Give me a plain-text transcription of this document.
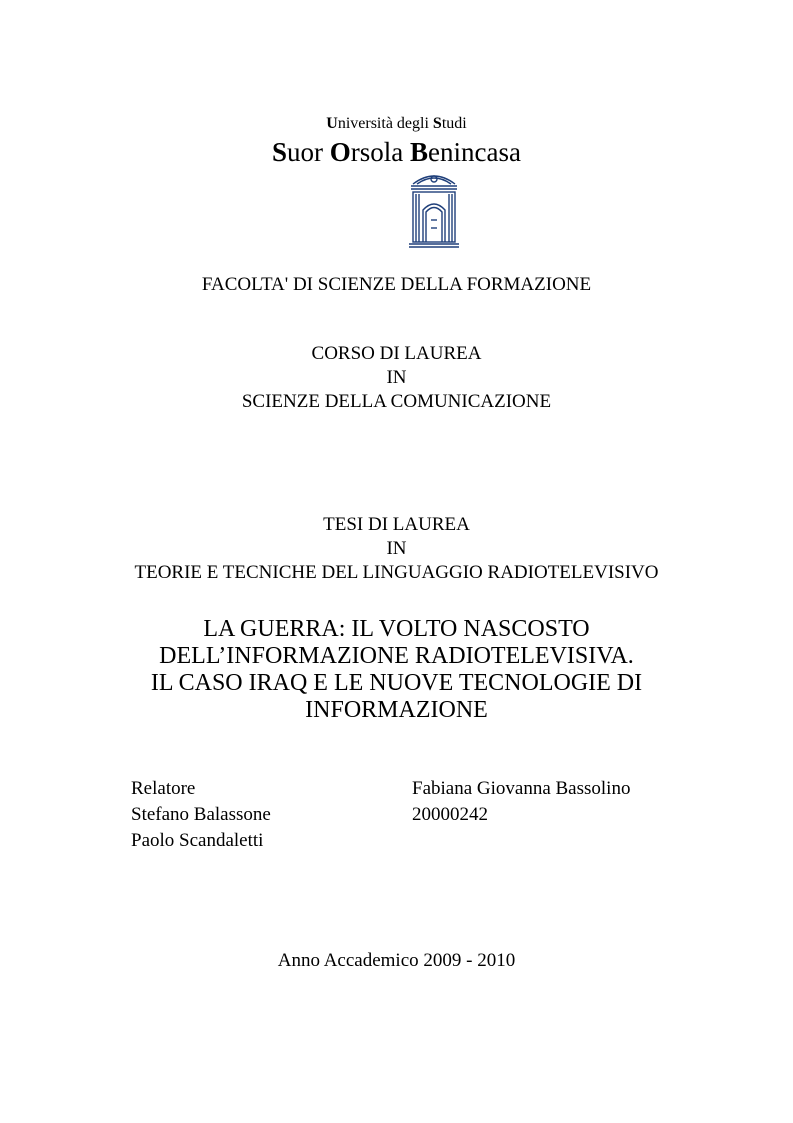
Università degli Studi
Suor Orsola Benincasa
FACOLTA' DI SCIENZE DELLA FORMAZIONE
CORSO DI LAUREA
IN
SCIENZE DELLA COMUNICAZIONE
TESI DI LAUREA
IN
TEORIE E TECNICHE DEL LINGUAGGIO RADIOTELEVISIVO
LA GUERRA: IL VOLTO NASCOSTO
DELL’INFORMAZIONE RADIOTELEVISIVA.
IL CASO IRAQ E LE NUOVE TECNOLOGIE DI
INFORMAZIONE
Relatore
Stefano Balassone
Paolo Scandaletti
Fabiana Giovanna Bassolino
20000242
Anno Accademico 2009 - 2010
